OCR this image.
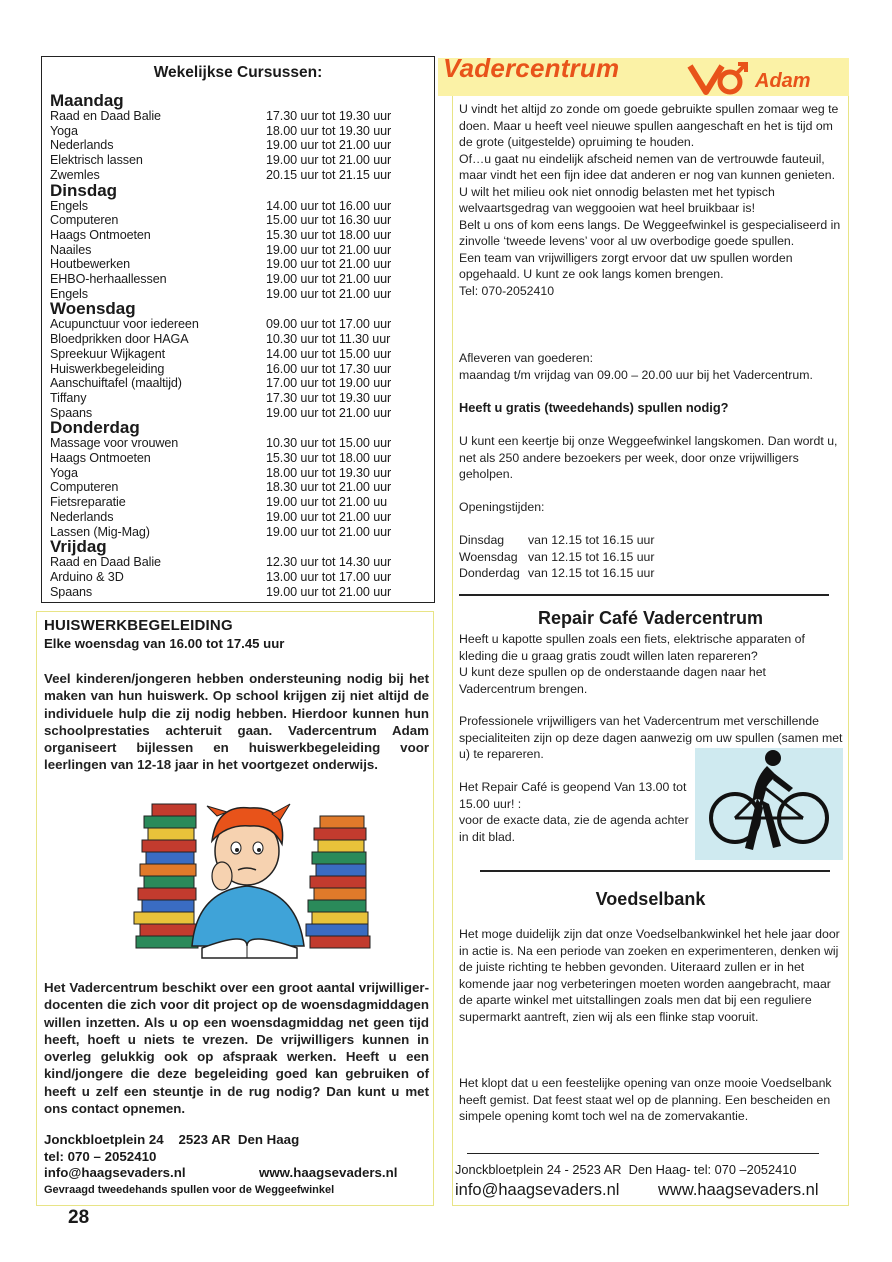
Wekelijkse Cursussen:
Maandag
Raad en Daad Balie	17.30 uur tot 19.30 uur
Yoga	18.00 uur tot 19.30 uur
Nederlands	19.00 uur tot 21.00 uur
Elektrisch lassen	19.00 uur tot 21.00 uur
Zwemles	20.15 uur tot 21.15 uur
Dinsdag
Engels	14.00 uur tot 16.00 uur
Computeren	15.00 uur tot 16.30 uur
Haags Ontmoeten	15.30 uur tot 18.00 uur
Naailes	19.00 uur tot 21.00 uur
Houtbewerken	19.00 uur tot 21.00 uur
EHBO-herhaallessen	19.00 uur tot 21.00 uur
Engels	19.00 uur tot 21.00 uur
Woensdag
Acupunctuur voor iedereen	09.00 uur tot 17.00 uur
Bloedprikken door HAGA	10.30 uur tot 11.30 uur
Spreekuur Wijkagent	14.00 uur tot 15.00 uur
Huiswerkbegeleiding	16.00 uur tot 17.30 uur
Aanschuiftafel (maaltijd)	17.00 uur tot 19.00 uur
Tiffany	17.30 uur tot 19.30 uur
Spaans	19.00 uur tot 21.00 uur
Donderdag
Massage voor vrouwen	10.30 uur tot 15.00 uur
Haags Ontmoeten	15.30 uur tot 18.00 uur
Yoga	18.00 uur tot 19.30 uur
Computeren	18.30 uur tot 21.00 uur
Fietsreparatie	19.00 uur tot 21.00 uu
Nederlands	19.00 uur tot 21.00 uur
Lassen (Mig-Mag)	19.00 uur tot 21.00 uur
Vrijdag
Raad en Daad Balie	12.30 uur tot 14.30 uur
Arduino & 3D	13.00 uur tot 17.00 uur
Spaans	19.00 uur tot 21.00 uur
HUISWERKBEGELEIDING
Elke woensdag van 16.00 tot 17.45 uur
Veel kinderen/jongeren hebben ondersteuning nodig bij het maken van hun huiswerk. Op school krijgen zij niet altijd de individuele hulp die zij nodig hebben. Hierdoor kunnen hun schoolprestaties achteruit gaan. Vadercentrum Adam organiseert bijlessen en huiswerkbegeleiding voor leerlingen van 12-18 jaar in het voortgezet onderwijs.
Het Vadercentrum beschikt over een groot aantal vrijwilliger-docenten die zich voor dit project op de woensdagmiddagen willen inzetten. Als u op een woensdagmiddag net geen tijd heeft, hoeft u niets te vrezen. De vrijwilligers kunnen in overleg gelukkig ook op afspraak werken. Heeft u een kind/jongere die deze begeleiding goed kan gebruiken of heeft u zelf een steuntje in de rug nodig? Dan kunt u met ons contact opnemen.
Jonckbloetplein 24    2523 AR  Den Haag
tel: 070 – 2052410
info@haagsevaders.nl	www.haagsevaders.nl
Gevraagd tweedehands spullen voor de Weggeefwinkel
28
Vadercentrum	Adam
U vindt het altijd zo zonde om goede gebruikte spullen zomaar weg te doen. Maar u heeft veel nieuwe spullen aangeschaft en het is tijd om de grote (uitgestelde) opruiming te houden.
Of…u gaat nu eindelijk afscheid nemen van de vertrouwde fauteuil, maar vindt het een fijn idee dat anderen er nog van kunnen genieten.
U wilt het milieu ook niet onnodig belasten met het typisch welvaartsgedrag van weggooien wat heel bruikbaar is!
Belt u ons of kom eens langs. De Weggeefwinkel is gespecialiseerd in zinvolle ‘tweede levens’ voor al uw overbodige goede spullen.
Een team van vrijwilligers zorgt ervoor dat uw spullen worden opgehaald. U kunt ze ook langs komen brengen.
Tel: 070-2052410
Afleveren van goederen:
maandag t/m vrijdag van 09.00 – 20.00 uur bij het Vadercentrum.
Heeft u gratis (tweedehands) spullen nodig?
U kunt een keertje bij onze Weggeefwinkel langskomen. Dan wordt u, net als 250 andere bezoekers per week, door onze vrijwilligers geholpen.
Openingstijden:
Dinsdag	van 12.15 tot 16.15 uur
Woensdag van 12.15 tot 16.15 uur
Donderdag van 12.15 tot 16.15 uur
Repair Café Vadercentrum
Heeft u kapotte spullen zoals een fiets, elektrische apparaten of kleding die u graag gratis zoudt willen laten repareren?
U kunt deze spullen op de onderstaande dagen naar het Vadercentrum brengen.
Professionele vrijwilligers van het Vadercentrum met verschillende specialiteiten zijn op deze dagen aanwezig om uw spullen (samen met u) te repareren.
Het Repair Café is geopend Van 13.00 tot 15.00 uur! :
voor de exacte data, zie de agenda achter in dit blad.
Voedselbank
Het moge duidelijk zijn dat onze Voedselbankwinkel het hele jaar door in actie is. Na een periode van zoeken en experimenteren, denken wij de juiste richting te hebben gevonden. Uiteraard zullen er in het komende jaar nog verbeteringen moeten worden aangebracht, maar de aparte winkel met uitstallingen zoals men dat bij een reguliere supermarkt aantreft, zien wij als een flinke stap vooruit.
Het klopt dat u een feestelijke opening van onze mooie Voedselbank heeft gemist. Dat feest staat wel op de planning. Een bescheiden en simpele opening komt toch wel na de zomervakantie.
Jonckbloetplein 24 - 2523 AR  Den Haag- tel: 070 –2052410
info@haagsevaders.nl	www.haagsevaders.nl
